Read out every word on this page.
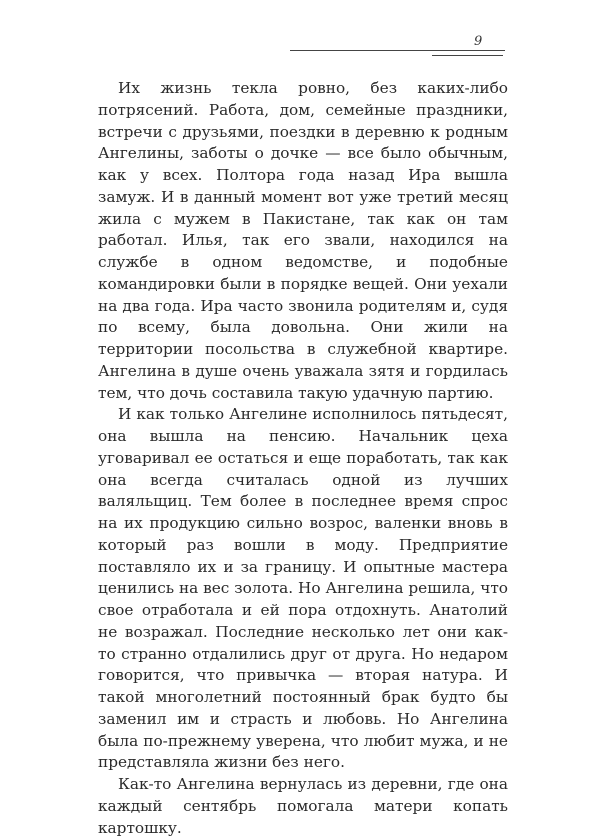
9

Их жизнь текла ровно, без каких-либо потрясений. Работа, дом, семейные праздники, встречи с друзьями, поездки в деревню к родным Ангелины, заботы о дочке — все было обычным, как у всех. Полтора года назад Ира вышла замуж. И в данный момент вот уже третий месяц жила с мужем в Пакистане, так как он там работал. Илья, так его звали, находился на службе в одном ведомстве, и подобные командировки были в порядке вещей. Они уехали на два года. Ира часто звонила родителям и, судя по всему, была довольна. Они жили на территории посольства в служебной квартире. Ангелина в душе очень уважала зятя и гордилась тем, что дочь составила такую удачную партию.

И как только Ангелине исполнилось пятьдесят, она вышла на пенсию. Начальник цеха уговаривал ее остаться и еще поработать, так как она всегда считалась одной из лучших валяльщиц. Тем более в последнее время спрос на их продукцию сильно возрос, валенки вновь в который раз вошли в моду. Предприятие поставляло их и за границу. И опытные мастера ценились на вес золота. Но Ангелина решила, что свое отработала и ей пора отдохнуть. Анатолий не возражал. Последние несколько лет они как-то странно отдалились друг от друга. Но недаром говорится, что привычка — вторая натура. И такой многолетний постоянный брак будто бы заменил им и страсть и любовь. Но Ангелина была по-прежнему уверена, что любит мужа, и не представляла жизни без него.

Как-то Ангелина вернулась из деревни, где она каждый сентябрь помогала матери копать картошку.
